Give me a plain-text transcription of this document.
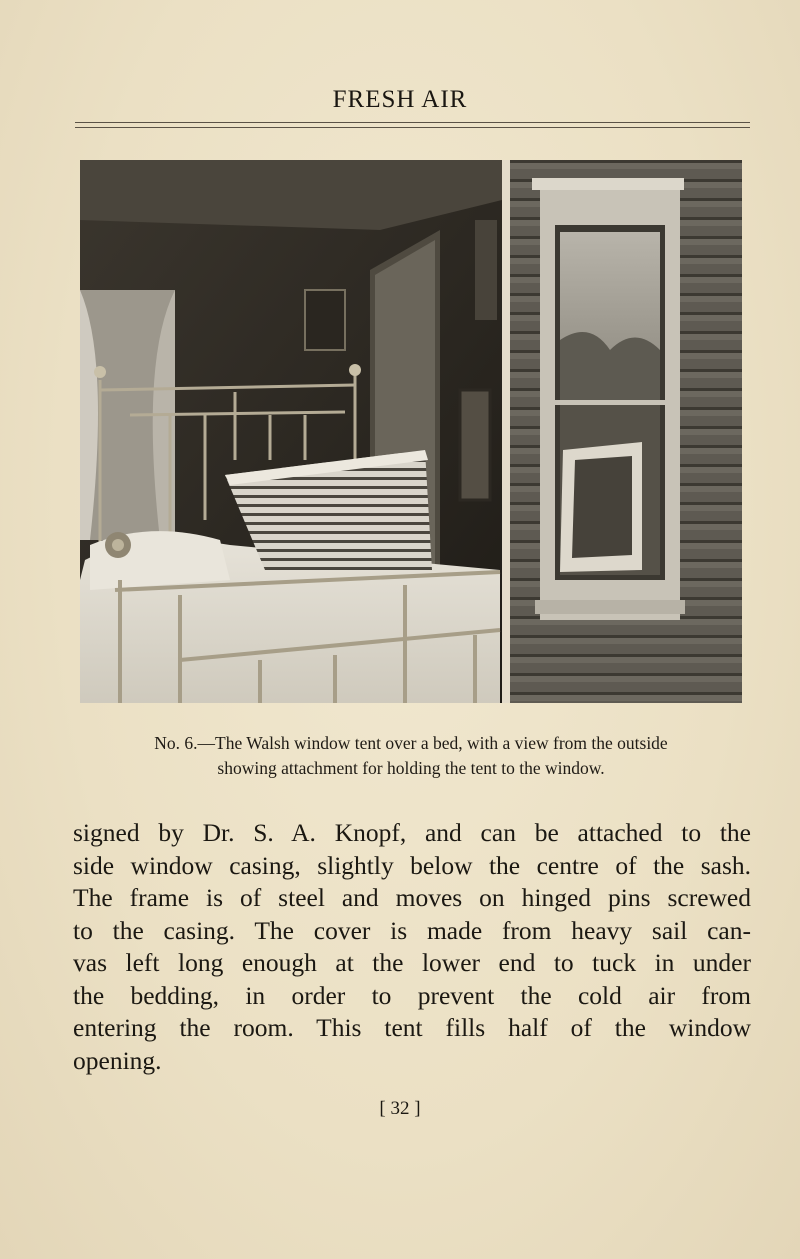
FRESH AIR
No. 6.—The Walsh window tent over a bed, with a view from the outside
showing attachment for holding the tent to the window.
signed by Dr. S. A. Knopf, and can be attached to the
side window casing, slightly below the centre of the sash.
The frame is of steel and moves on hinged pins screwed
to the casing. The cover is made from heavy sail can-
vas left long enough at the lower end to tuck in under
the bedding, in order to prevent the cold air from
entering the room. This tent fills half of the window
opening.
[ 32 ]
